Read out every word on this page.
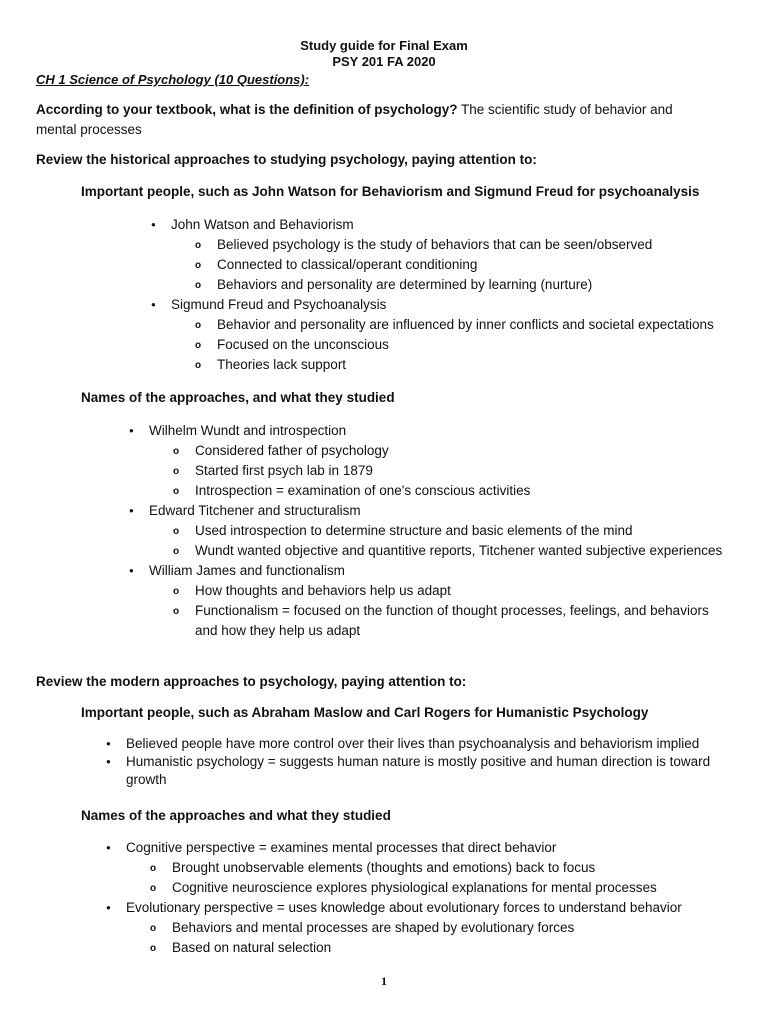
Study guide for Final Exam
PSY 201 FA 2020
CH 1 Science of Psychology (10 Questions):
According to your textbook, what is the definition of psychology? The scientific study of behavior and mental processes
Review the historical approaches to studying psychology, paying attention to:
Important people, such as John Watson for Behaviorism and Sigmund Freud for psychoanalysis
● John Watson and Behaviorism
o Believed psychology is the study of behaviors that can be seen/observed
o Connected to classical/operant conditioning
o Behaviors and personality are determined by learning (nurture)
● Sigmund Freud and Psychoanalysis
o Behavior and personality are influenced by inner conflicts and societal expectations
o Focused on the unconscious
o Theories lack support
Names of the approaches, and what they studied
● Wilhelm Wundt and introspection
o Considered father of psychology
o Started first psych lab in 1879
o Introspection = examination of one's conscious activities
● Edward Titchener and structuralism
o Used introspection to determine structure and basic elements of the mind
o Wundt wanted objective and quantitive reports, Titchener wanted subjective experiences
● William James and functionalism
o How thoughts and behaviors help us adapt
o Functionalism = focused on the function of thought processes, feelings, and behaviors and how they help us adapt
Review the modern approaches to psychology, paying attention to:
Important people, such as Abraham Maslow and Carl Rogers for Humanistic Psychology
● Believed people have more control over their lives than psychoanalysis and behaviorism implied
● Humanistic psychology = suggests human nature is mostly positive and human direction is toward growth
Names of the approaches and what they studied
● Cognitive perspective = examines mental processes that direct behavior
o Brought unobservable elements (thoughts and emotions) back to focus
o Cognitive neuroscience explores physiological explanations for mental processes
● Evolutionary perspective = uses knowledge about evolutionary forces to understand behavior
o Behaviors and mental processes are shaped by evolutionary forces
o Based on natural selection
1
